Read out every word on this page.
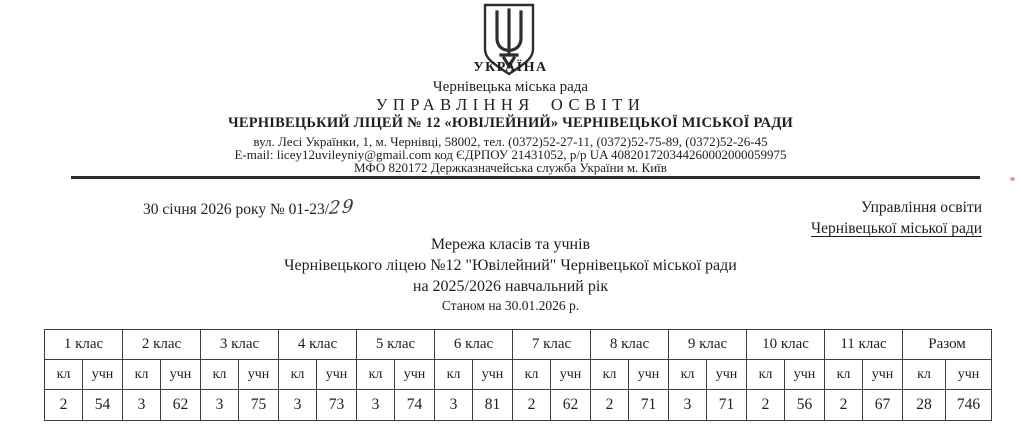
УКРАЇНА
Чернівецька міська рада
УПРАВЛІННЯ ОСВІТИ
ЧЕРНІВЕЦЬКИЙ ЛІЦЕЙ № 12 «ЮВІЛЕЙНИЙ» ЧЕРНІВЕЦЬКОЇ МІСЬКОЇ РАДИ
вул. Лесі Українки, 1, м. Чернівці, 58002, тел. (0372)52-27-11, (0372)52-75-89, (0372)52-26-45
E-mail: licey12uvileyniy@gmail.com код ЄДРПОУ 21431052, р/р UA 408201720344260002000059975
МФО 820172 Держказначейська служба України м. Київ
30 січня 2026 року № 01-23/29	Управління освіти
Чернівецької міської ради
Мережа класів та учнів
Чернівецького ліцею №12 "Ювілейний" Чернівецької міської ради
на 2025/2026 навчальний рік
Станом на 30.01.2026 р.
1 клас		2 клас		3 клас		4 клас		5 клас		6 клас		7 клас		8 клас		9 клас		10 клас		11 клас		Разом	
кл	учн	кл	учн	кл	учн	кл	учн	кл	учн	кл	учн	кл	учн	кл	учн	кл	учн	кл	учн	кл	учн	кл	учн
2	54	3	62	3	75	3	73	3	74	3	81	2	62	2	71	3	71	2	56	2	67	28	746
